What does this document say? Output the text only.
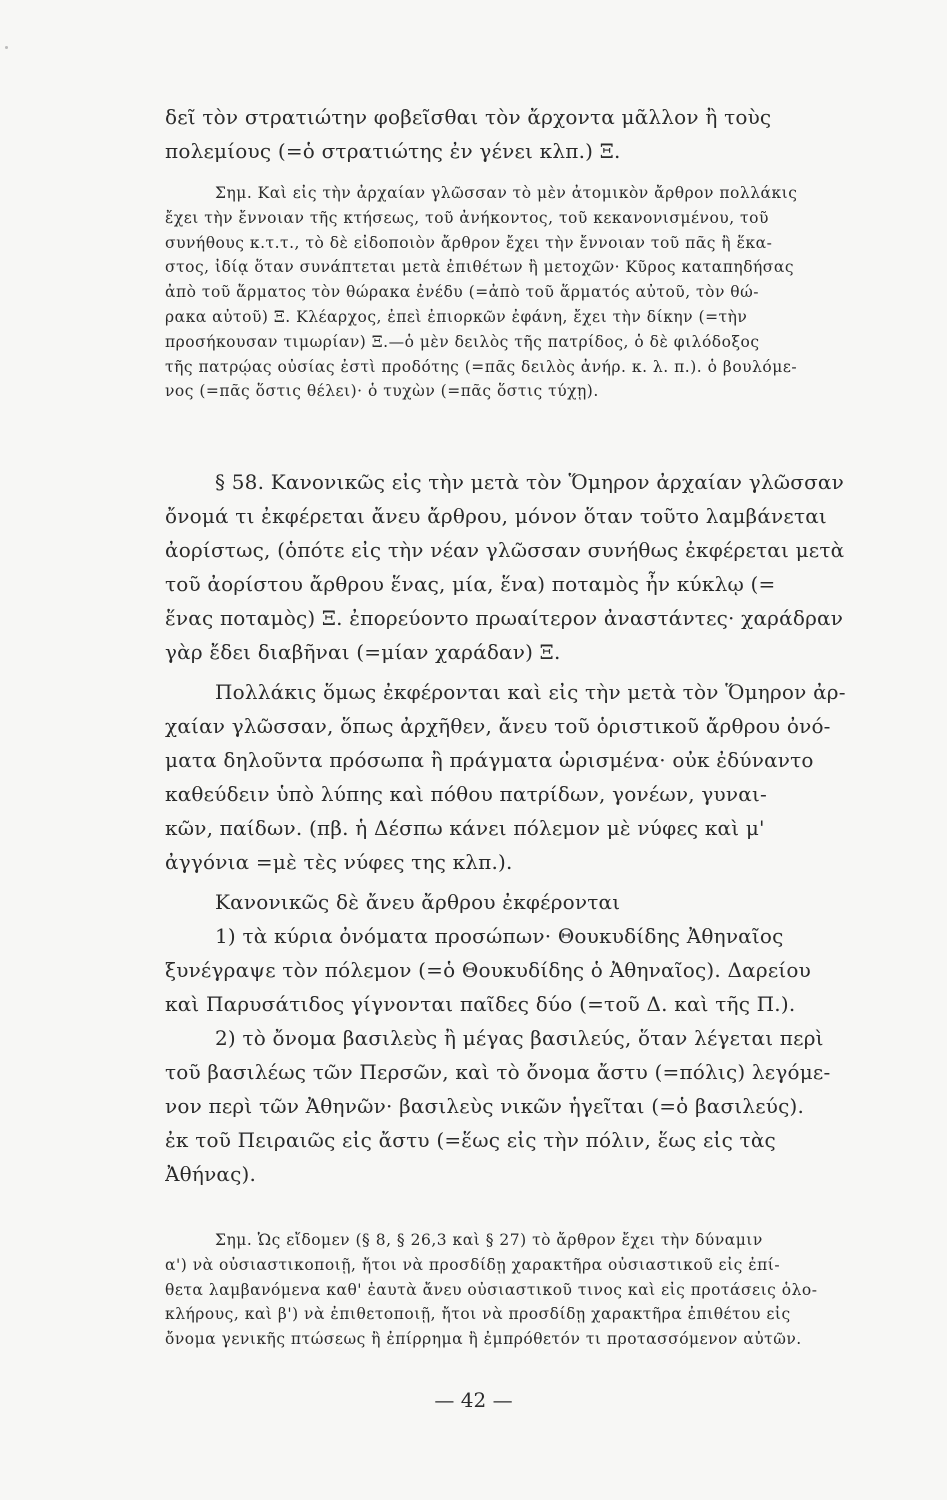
δεῖ τὸν στρατιώτην φοβεῖσθαι τὸν ἄρχοντα μᾶλλον ἢ τοὺς
πολεμίους (=ὁ στρατιώτης ἐν γένει κλπ.) Ξ.
Σημ. Καὶ εἰς τὴν ἀρχαίαν γλῶσσαν τὸ μὲν ἀτομικὸν ἄρθρον πολλάκις
ἔχει τὴν ἔννοιαν τῆς κτήσεως, τοῦ ἀνήκοντος, τοῦ κεκανονισμένου, τοῦ
συνήθους κ.τ.τ., τὸ δὲ εἰδοποιὸν ἄρθρον ἔχει τὴν ἔννοιαν τοῦ πᾶς ἢ ἕκα-
στος, ἰδίᾳ ὅταν συνάπτεται μετὰ ἐπιθέτων ἢ μετοχῶν· Κῦρος καταπηδήσας
ἀπὸ τοῦ ἅρματος τὸν θώρακα ἐνέδυ (=ἀπὸ τοῦ ἅρματός αὐτοῦ, τὸν θώ-
ρακα αὐτοῦ) Ξ. Κλέαρχος, ἐπεὶ ἐπιορκῶν ἐφάνη, ἔχει τὴν δίκην (=τὴν
προσήκουσαν τιμωρίαν) Ξ.—ὁ μὲν δειλὸς τῆς πατρίδος, ὁ δὲ φιλόδοξος
τῆς πατρῴας οὐσίας ἐστὶ προδότης (=πᾶς δειλὸς ἀνήρ. κ. λ. π.). ὁ βουλόμε-
νος (=πᾶς ὅστις θέλει)· ὁ τυχὼν (=πᾶς ὅστις τύχῃ).
§ 58. Κανονικῶς εἰς τὴν μετὰ τὸν Ὅμηρον ἀρχαίαν γλῶσσαν
ὄνομά τι ἐκφέρεται ἄνευ ἄρθρου, μόνον ὅταν τοῦτο λαμβάνεται
ἀορίστως, (ὁπότε εἰς τὴν νέαν γλῶσσαν συνήθως ἐκφέρεται μετὰ
τοῦ ἀορίστου ἄρθρου ἕνας, μία, ἕνα) ποταμὸς ἦν κύκλῳ (=
ἕνας ποταμὸς) Ξ. ἐπορεύοντο πρωαίτερον ἀναστάντες· χαράδραν
γὰρ ἔδει διαβῆναι (=μίαν χαράδαν) Ξ.
Πολλάκις ὅμως ἐκφέρονται καὶ εἰς τὴν μετὰ τὸν Ὅμηρον ἀρ-
χαίαν γλῶσσαν, ὅπως ἀρχῆθεν, ἄνευ τοῦ ὁριστικοῦ ἄρθρου ὀνό-
ματα δηλοῦντα πρόσωπα ἢ πράγματα ὡρισμένα· οὐκ ἐδύναντο
καθεύδειν ὑπὸ λύπης καὶ πόθου πατρίδων, γονέων, γυναι-
κῶν, παίδων. (πβ. ἡ Δέσπω κάνει πόλεμον μὲ νύφες καὶ μ'
ἀγγόνια =μὲ τὲς νύφες της κλπ.).
Κανονικῶς δὲ ἄνευ ἄρθρου ἐκφέρονται
1) τὰ κύρια ὀνόματα προσώπων· Θουκυδίδης Ἀθηναῖος
ξυνέγραψε τὸν πόλεμον (=ὁ Θουκυδίδης ὁ Ἀθηναῖος). Δαρείου
καὶ Παρυσάτιδος γίγνονται παῖδες δύο (=τοῦ Δ. καὶ τῆς Π.).
2) τὸ ὄνομα βασιλεὺς ἢ μέγας βασιλεύς, ὅταν λέγεται περὶ
τοῦ βασιλέως τῶν Περσῶν, καὶ τὸ ὄνομα ἄστυ (=πόλις) λεγόμε-
νον περὶ τῶν Ἀθηνῶν· βασιλεὺς νικῶν ἡγεῖται (=ὁ βασιλεύς).
ἐκ τοῦ Πειραιῶς εἰς ἄστυ (=ἕως εἰς τὴν πόλιν, ἕως εἰς τὰς
Ἀθήνας).
Σημ. Ὡς εἴδομεν (§ 8, § 26,3 καὶ § 27) τὸ ἄρθρον ἔχει τὴν δύναμιν
α') νὰ οὐσιαστικοποιῇ, ἤτοι νὰ προσδίδῃ χαρακτῆρα οὐσιαστικοῦ εἰς ἐπί-
θετα λαμβανόμενα καθ' ἑαυτὰ ἄνευ οὐσιαστικοῦ τινος καὶ εἰς προτάσεις ὁλο-
κλήρους, καὶ β') νὰ ἐπιθετοποιῇ, ἤτοι νὰ προσδίδῃ χαρακτῆρα ἐπιθέτου εἰς
ὄνομα γενικῆς πτώσεως ἢ ἐπίρρημα ἢ ἐμπρόθετόν τι προτασσόμενον αὐτῶν.
— 42 —
